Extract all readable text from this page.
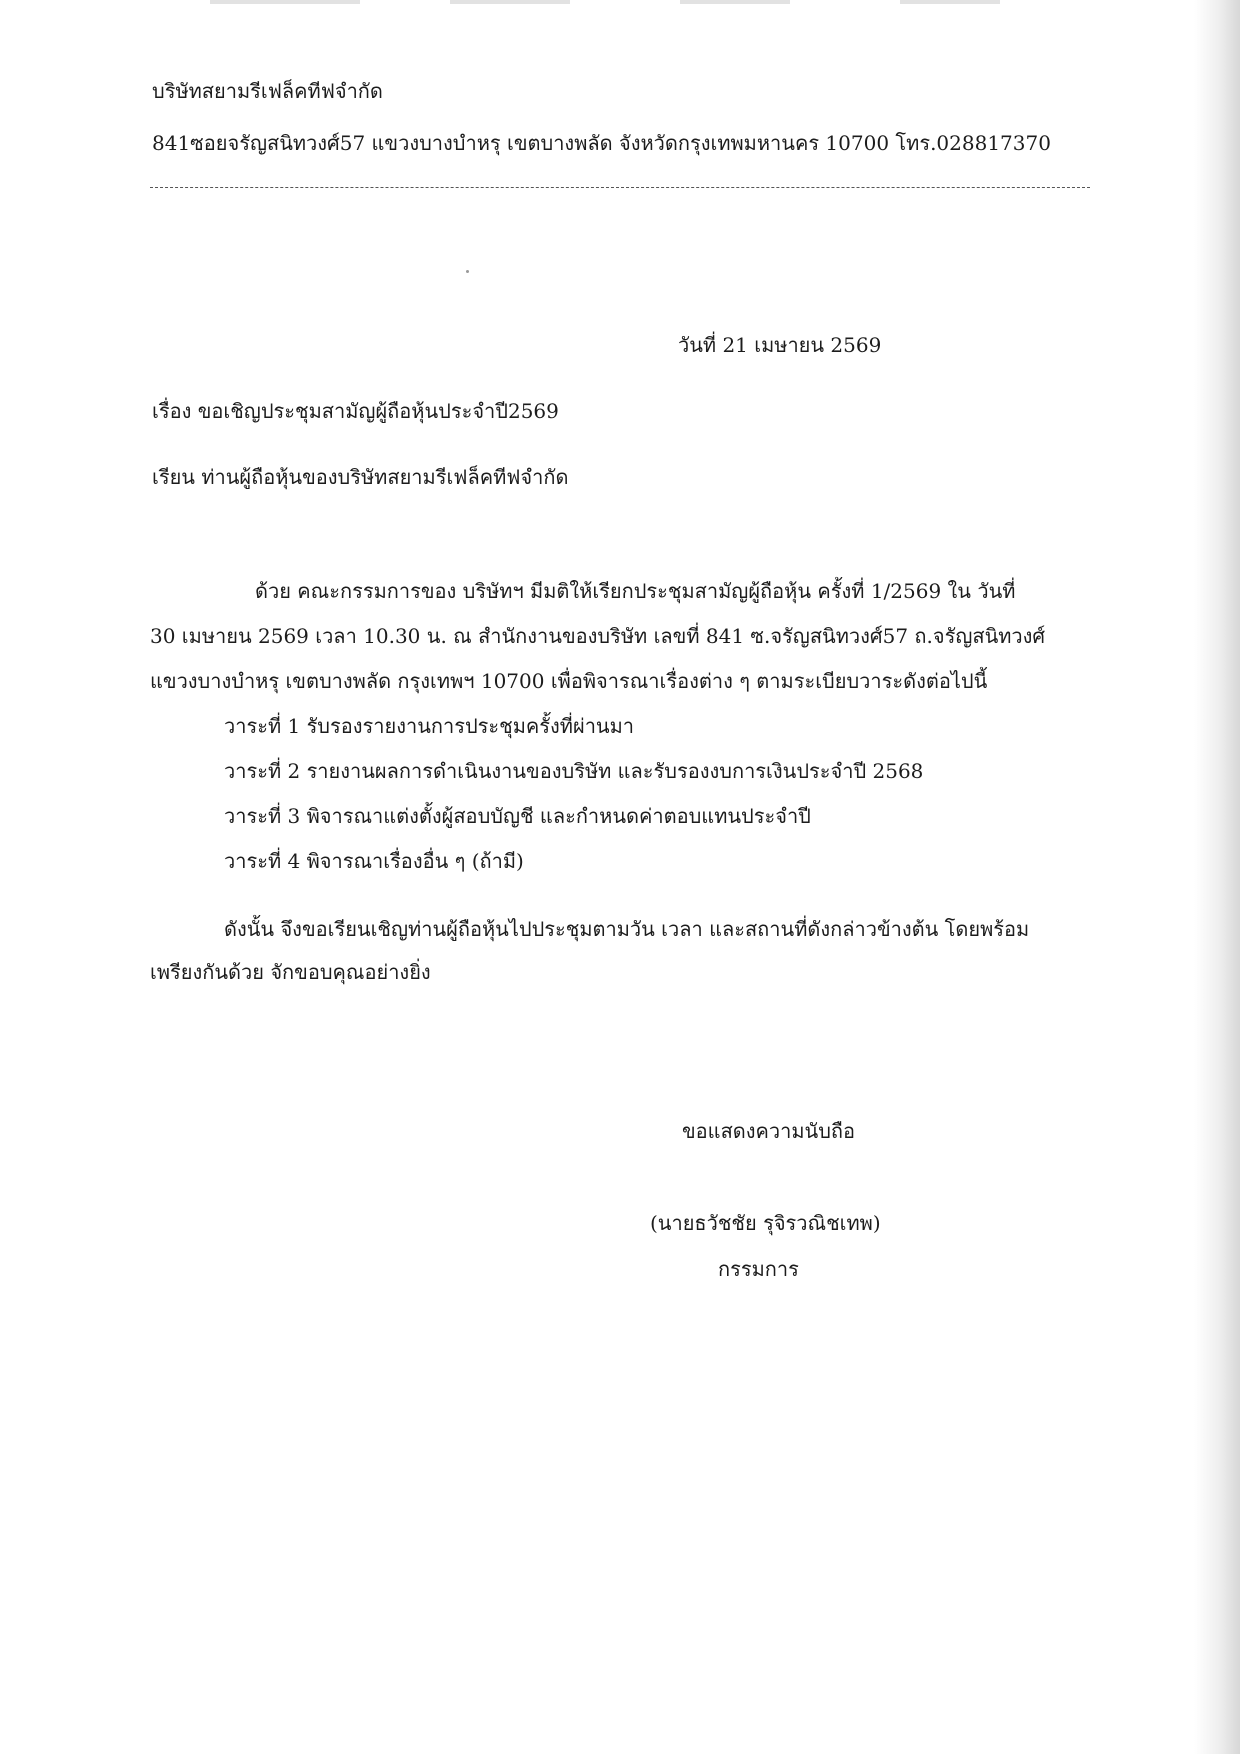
บริษัทสยามรีเฟล็คทีฟจำกัด
841ซอยจรัญสนิทวงศ์57 แขวงบางบำหรุ เขตบางพลัด จังหวัดกรุงเทพมหานคร 10700 โทร.028817370
วันที่ 21 เมษายน 2569
เรื่อง ขอเชิญประชุมสามัญผู้ถือหุ้นประจำปี2569
เรียน ท่านผู้ถือหุ้นของบริษัทสยามรีเฟล็คทีฟจำกัด
ด้วย คณะกรรมการของ บริษัทฯ มีมติให้เรียกประชุมสามัญผู้ถือหุ้น ครั้งที่ 1/2569 ใน วันที่
30 เมษายน 2569 เวลา 10.30 น. ณ สำนักงานของบริษัท เลขที่ 841 ซ.จรัญสนิทวงศ์57 ถ.จรัญสนิทวงศ์
แขวงบางบำหรุ เขตบางพลัด กรุงเทพฯ 10700 เพื่อพิจารณาเรื่องต่าง ๆ ตามระเบียบวาระดังต่อไปนี้
วาระที่ 1 รับรองรายงานการประชุมครั้งที่ผ่านมา
วาระที่ 2 รายงานผลการดำเนินงานของบริษัท และรับรองงบการเงินประจำปี 2568
วาระที่ 3 พิจารณาแต่งตั้งผู้สอบบัญชี และกำหนดค่าตอบแทนประจำปี
วาระที่ 4 พิจารณาเรื่องอื่น ๆ (ถ้ามี)
ดังนั้น จึงขอเรียนเชิญท่านผู้ถือหุ้นไปประชุมตามวัน เวลา และสถานที่ดังกล่าวข้างต้น โดยพร้อม
เพรียงกันด้วย จักขอบคุณอย่างยิ่ง
ขอแสดงความนับถือ
(นายธวัชชัย รุจิรวณิชเทพ)
กรรมการ
